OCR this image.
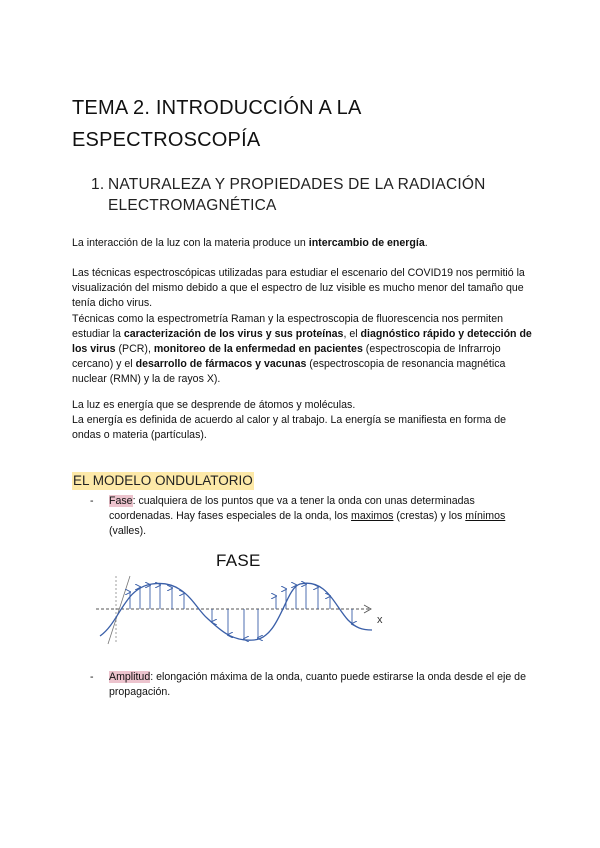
TEMA 2. INTRODUCCIÓN A LA
ESPECTROSCOPÍA
1. NATURALEZA Y PROPIEDADES DE LA RADIACIÓN
ELECTROMAGNÉTICA
La interacción de la luz con la materia produce un intercambio de energía.
Las técnicas espectroscópicas utilizadas para estudiar el escenario del COVID19 nos permitió la visualización del mismo debido a que el espectro de luz visible es mucho menor del tamaño que tenía dicho virus.
Técnicas como la espectrometría Raman y la espectroscopia de fluorescencia nos permiten estudiar la caracterización de los virus y sus proteínas, el diagnóstico rápido y detección de los virus (PCR), monitoreo de la enfermedad en pacientes (espectroscopia de Infrarrojo cercano) y el desarrollo de fármacos y vacunas (espectroscopia de resonancia magnética nuclear (RMN) y la de rayos X).
La luz es energía que se desprende de átomos y moléculas.
La energía es definida de acuerdo al calor y al trabajo. La energía se manifiesta en forma de ondas o materia (partículas).
EL MODELO ONDULATORIO
-	Fase: cualquiera de los puntos que va a tener la onda con unas determinadas coordenadas. Hay fases especiales de la onda, los maximos (crestas) y los mínimos (valles).
FASE
x
-	Amplitud: elongación máxima de la onda, cuanto puede estirarse la onda desde el eje de propagación.
